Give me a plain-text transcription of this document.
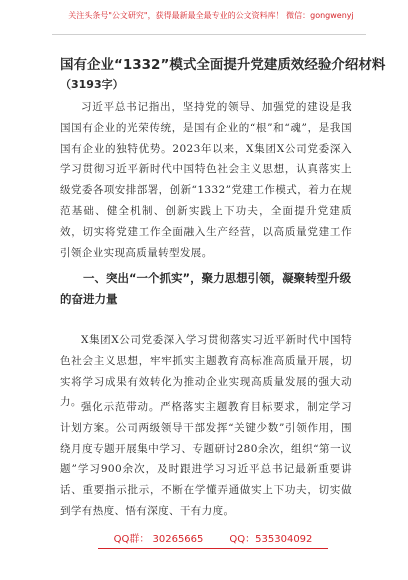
关注头条号"公文研究"，获得最新最全最专业的公文资料库！ 微信：gongwenyj
国有企业“1332”模式全面提升党建质效经验介绍材料
（3193字）
习近平总书记指出，坚持党的领导、加强党的建设是我国国有企业的光荣传统，是国有企业的“根”和“魂”，是我国国有企业的独特优势。2023年以来，X集团X公司党委深入学习贯彻习近平新时代中国特色社会主义思想，认真落实上级党委各项安排部署，创新“1332”党建工作模式，着力在规范基础、健全机制、创新实践上下功夫，全面提升党建质效，切实将党建工作全面融入生产经营，以高质量党建工作引领企业实现高质量转型发展。
一、突出“一个抓实”，聚力思想引领，凝聚转型升级的奋进力量
X集团X公司党委深入学习贯彻落实习近平新时代中国特色社会主义思想，牢牢抓实主题教育高标准高质量开展，切实将学习成果有效转化为推动企业实现高质量发展的强大动力。 强化示范带动。严格落实主题教育目标要求，制定学习计划方案。公司两级领导干部发挥“关键少数”引领作用，围绕月度专题开展集中学习、专题研讨280余次，组织“第一议题”学习900余次，及时跟进学习习近平总书记最新重要讲话、重要指示批示，不断在学懂弄通做实上下功夫，切实做到学有热度、悟有深度、干有力度。
QQ群： 30265665	QQ：535304092
